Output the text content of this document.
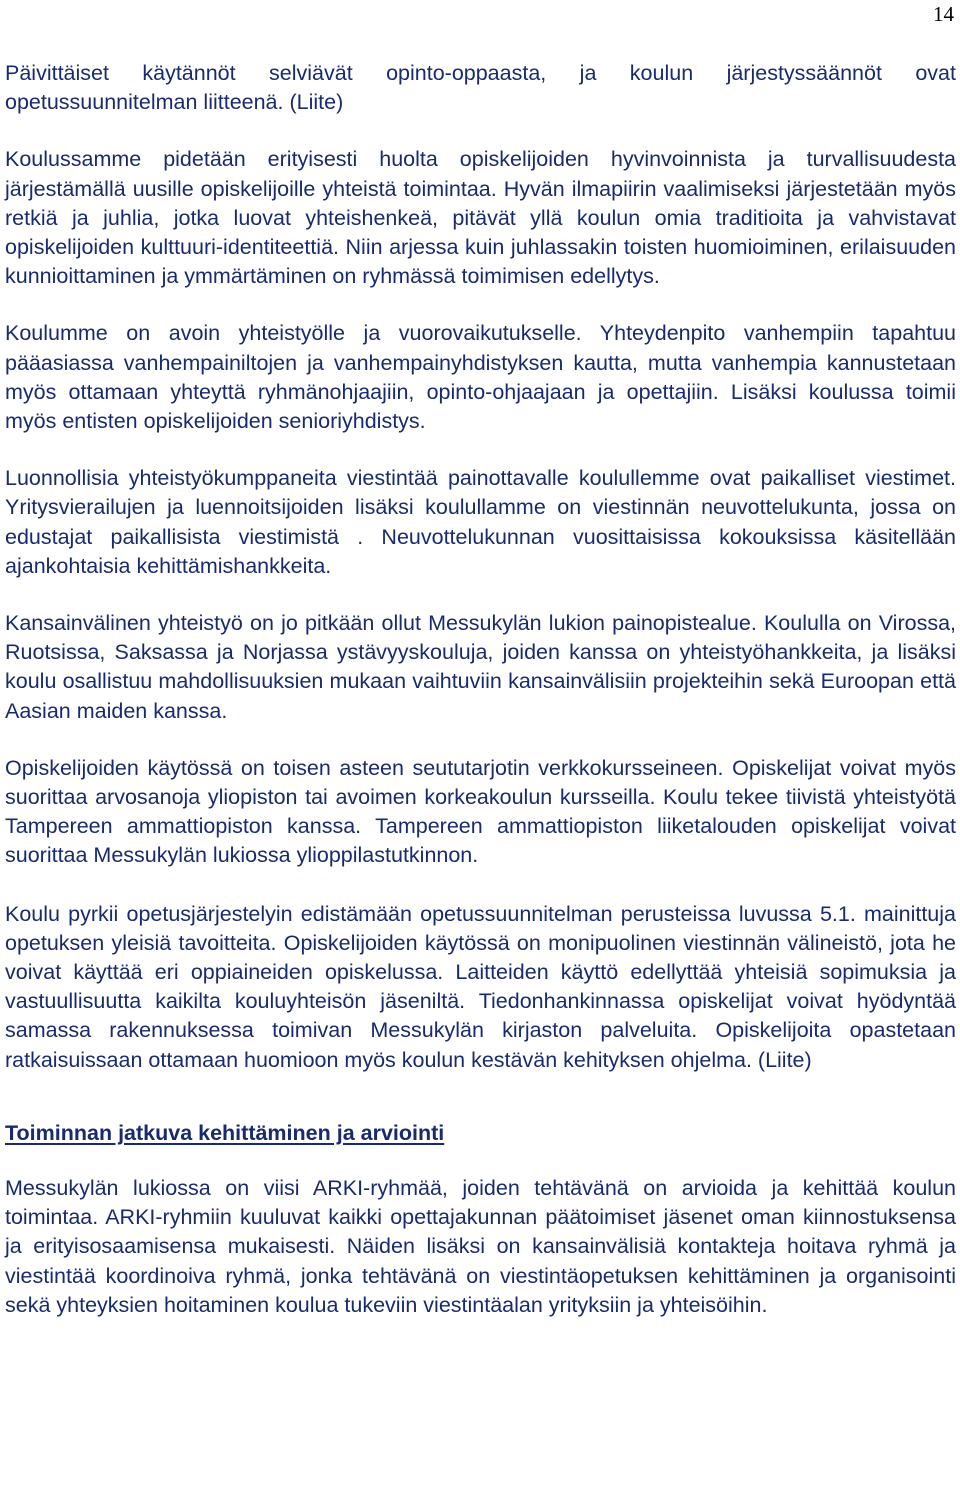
14

Päivittäiset käytännöt selviävät opinto-oppaasta, ja koulun järjestyssäännöt ovat opetussuunnitelman liitteenä. (Liite)

Koulussamme pidetään erityisesti huolta opiskelijoiden hyvinvoinnista ja turvallisuudesta järjestämällä uusille opiskelijoille yhteistä toimintaa. Hyvän ilmapiirin vaalimiseksi järjestetään myös retkiä ja juhlia, jotka luovat yhteishenkeä, pitävät yllä koulun omia traditioita ja vahvistavat opiskelijoiden kulttuuri-identiteettiä. Niin arjessa kuin juhlassakin toisten huomioiminen, erilaisuuden kunnioittaminen ja ymmärtäminen on ryhmässä toimimisen edellytys.

Koulumme on avoin yhteistyölle ja vuorovaikutukselle. Yhteydenpito vanhempiin tapahtuu pääasiassa vanhempainiltojen ja vanhempainyhdistyksen kautta, mutta vanhempia kannustetaan myös ottamaan yhteyttä ryhmänohjaajiin, opinto-ohjaajaan ja opettajiin. Lisäksi koulussa toimii myös entisten opiskelijoiden senioriyhdistys.

Luonnollisia yhteistyökumppaneita viestintää painottavalle koulullemme ovat paikalliset viestimet. Yritysvierailujen ja luennoitsijoiden lisäksi koulullamme on viestinnän neuvottelukunta, jossa on edustajat paikallisista viestimistä . Neuvottelukunnan vuosittaisissa kokouksissa käsitellään ajankohtaisia kehittämishankkeita.

Kansainvälinen yhteistyö on jo pitkään ollut Messukylän lukion painopistealue. Koululla on Virossa, Ruotsissa, Saksassa ja Norjassa ystävyyskouluja, joiden kanssa on yhteistyöhankkeita, ja lisäksi koulu osallistuu mahdollisuuksien mukaan vaihtuviin kansainvälisiin projekteihin sekä Euroopan että Aasian maiden kanssa.

Opiskelijoiden käytössä on toisen asteen seututarjotin verkkokursseineen. Opiskelijat voivat myös suorittaa arvosanoja yliopiston tai avoimen korkeakoulun kursseilla. Koulu tekee tiivistä yhteistyötä Tampereen ammattiopiston kanssa. Tampereen ammattiopiston liiketalouden opiskelijat voivat suorittaa Messukylän lukiossa ylioppilastutkinnon.

Koulu pyrkii opetusjärjestelyin edistämään opetussuunnitelman perusteissa luvussa 5.1. mainittuja opetuksen yleisiä tavoitteita. Opiskelijoiden käytössä on monipuolinen viestinnän välineistö, jota he voivat käyttää eri oppiaineiden opiskelussa. Laitteiden käyttö edellyttää yhteisiä sopimuksia ja vastuullisuutta kaikilta kouluyhteisön jäseniltä. Tiedonhankinnassa opiskelijat voivat hyödyntää samassa rakennuksessa toimivan Messukylän kirjaston palveluita. Opiskelijoita opastetaan ratkaisuissaan ottamaan huomioon myös koulun kestävän kehityksen ohjelma. (Liite)

Toiminnan jatkuva kehittäminen ja arviointi

Messukylän lukiossa on viisi ARKI-ryhmää, joiden tehtävänä on arvioida ja kehittää koulun toimintaa. ARKI-ryhmiin kuuluvat kaikki opettajakunnan päätoimiset jäsenet oman kiinnostuksensa ja erityisosaamisensa mukaisesti. Näiden lisäksi on kansainvälisiä kontakteja hoitava ryhmä ja viestintää koordinoiva ryhmä, jonka tehtävänä on viestintäopetuksen kehittäminen ja organisointi sekä yhteyksien hoitaminen koulua tukeviin viestintäalan yrityksiin ja yhteisöihin.
